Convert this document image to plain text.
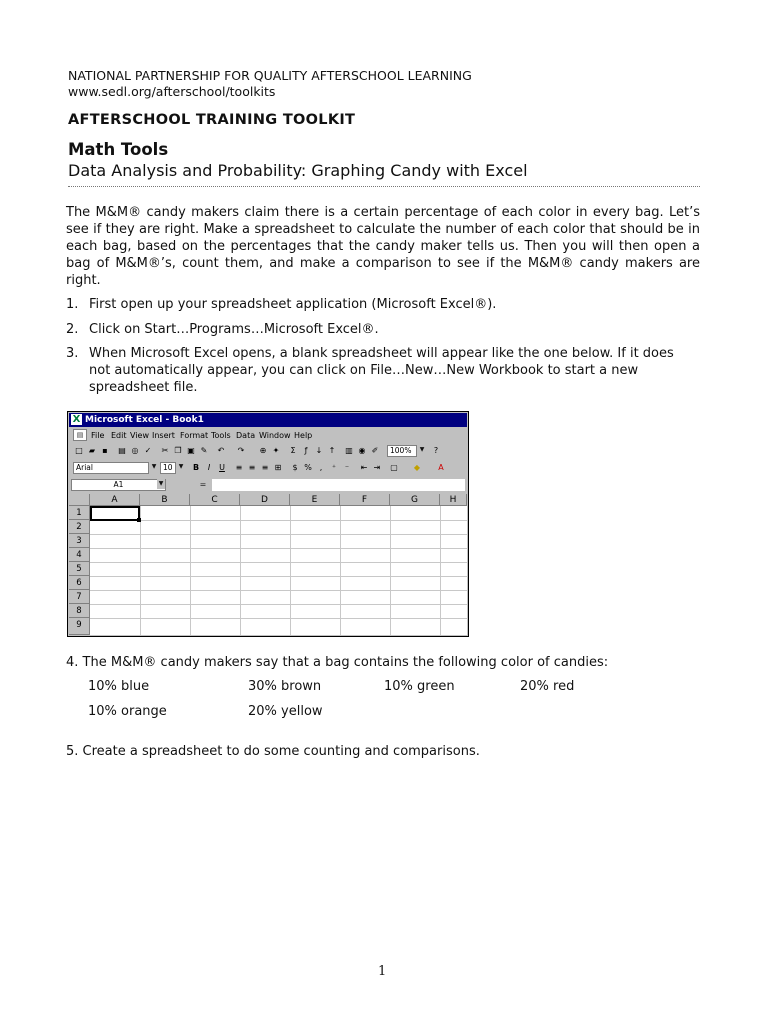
NATIONAL PARTNERSHIP FOR QUALITY AFTERSCHOOL LEARNING
www.sedl.org/afterschool/toolkits
AFTERSCHOOL TRAINING TOOLKIT
Math Tools
Data Analysis and Probability: Graphing Candy with Excel

The M&M® candy makers claim there is a certain percentage of each color in every bag. Let’s see if they are right. Make a spreadsheet to calculate the number of each color that should be in each bag, based on the percentages that the candy maker tells us. Then you will then open a bag of M&M®’s, count them, and make a comparison to see if the M&M® candy makers are right.

1. First open up your spreadsheet application (Microsoft Excel®).
2. Click on Start…Programs…Microsoft Excel®.
3. When Microsoft Excel opens, a blank spreadsheet will appear like the one below. If it does not automatically appear, you can click on File…New…New Workbook to start a new spreadsheet file.
X Microsoft Excel - Book1
▤ File Edit View Insert Format Tools Data Window Help
□ ▰ ▪	▤ ◎ ✓	✂ ❐ ▣ ✎	↶	↷	⊕ ✦	Σ	ƒ	↓ ↑	▥ ◉ ✐	100%	▼	?
Arial	▼ 10	▼	B	I	U	≡ ≡ ≡ ⊞	$ % ,	⁺	⁻	⇤ ⇥	▢	◆	A
A1	▼	=
A	B	C	D	E	F	G	H
1
2
3
4
5
6
7
8
9
4. The M&M® candy makers say that a bag contains the following color of candies:
10% blue	30% brown	10% green	20% red
10% orange	20% yellow
5. Create a spreadsheet to do some counting and comparisons.
1
